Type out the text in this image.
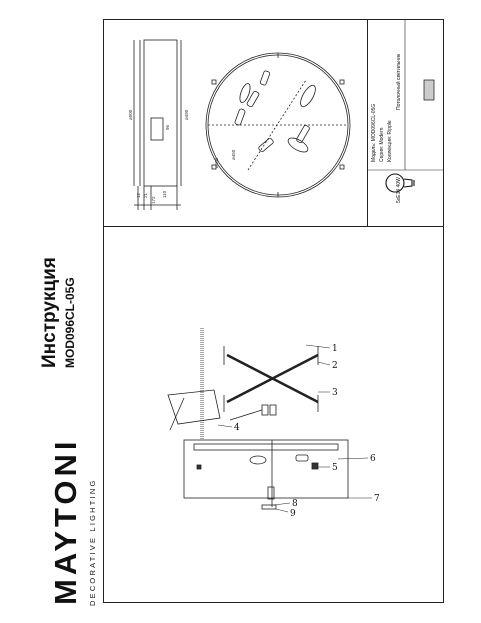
MAYTONI DECORATIVE LIGHTING
Инструкция MOD096CL-05G
Модель: MOD096CL-05G
Серия: Modern Коллекция: Ripple
Потолочный светильник
5xE14 40W
ø500	ø490
96
110
12 21
172
ø500
ø450
1
2
3
4
5
6
7
8
9
